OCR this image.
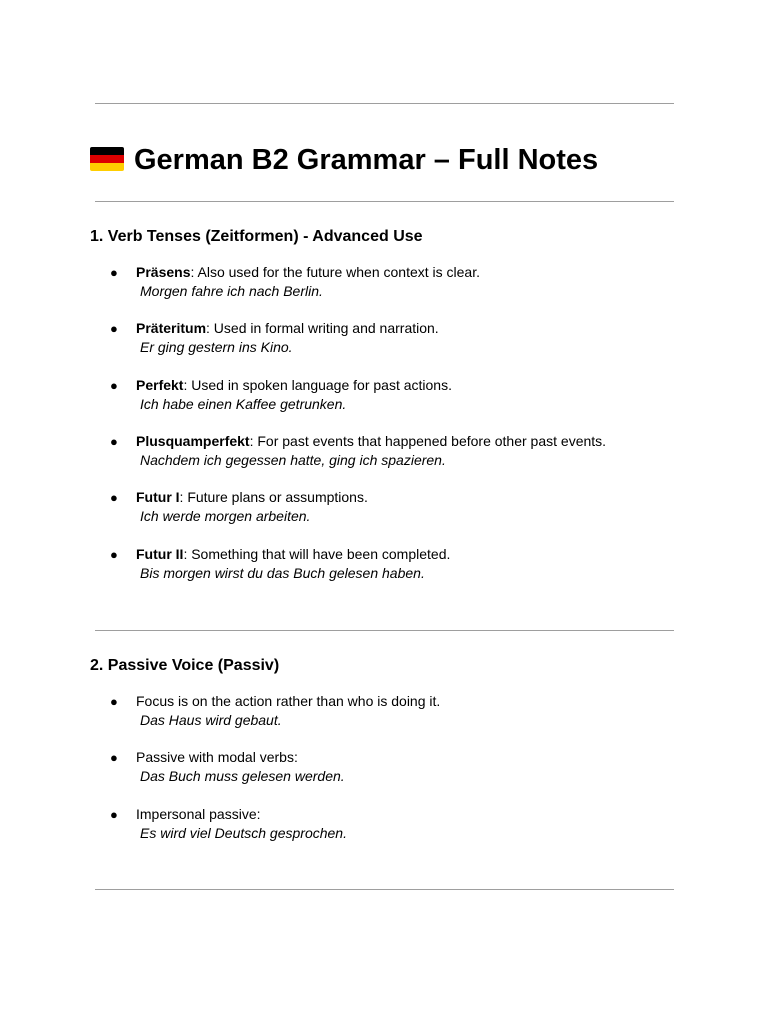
German B2 Grammar – Full Notes
1. Verb Tenses (Zeitformen) - Advanced Use
●	Präsens: Also used for the future when context is clear.
Morgen fahre ich nach Berlin.
●	Präteritum: Used in formal writing and narration.
Er ging gestern ins Kino.
●	Perfekt: Used in spoken language for past actions.
Ich habe einen Kaffee getrunken.
●	Plusquamperfekt: For past events that happened before other past events.
Nachdem ich gegessen hatte, ging ich spazieren.
●	Futur I: Future plans or assumptions.
Ich werde morgen arbeiten.
●	Futur II: Something that will have been completed.
Bis morgen wirst du das Buch gelesen haben.
2. Passive Voice (Passiv)
●	Focus is on the action rather than who is doing it.
Das Haus wird gebaut.
●	Passive with modal verbs:
Das Buch muss gelesen werden.
●	Impersonal passive:
Es wird viel Deutsch gesprochen.
